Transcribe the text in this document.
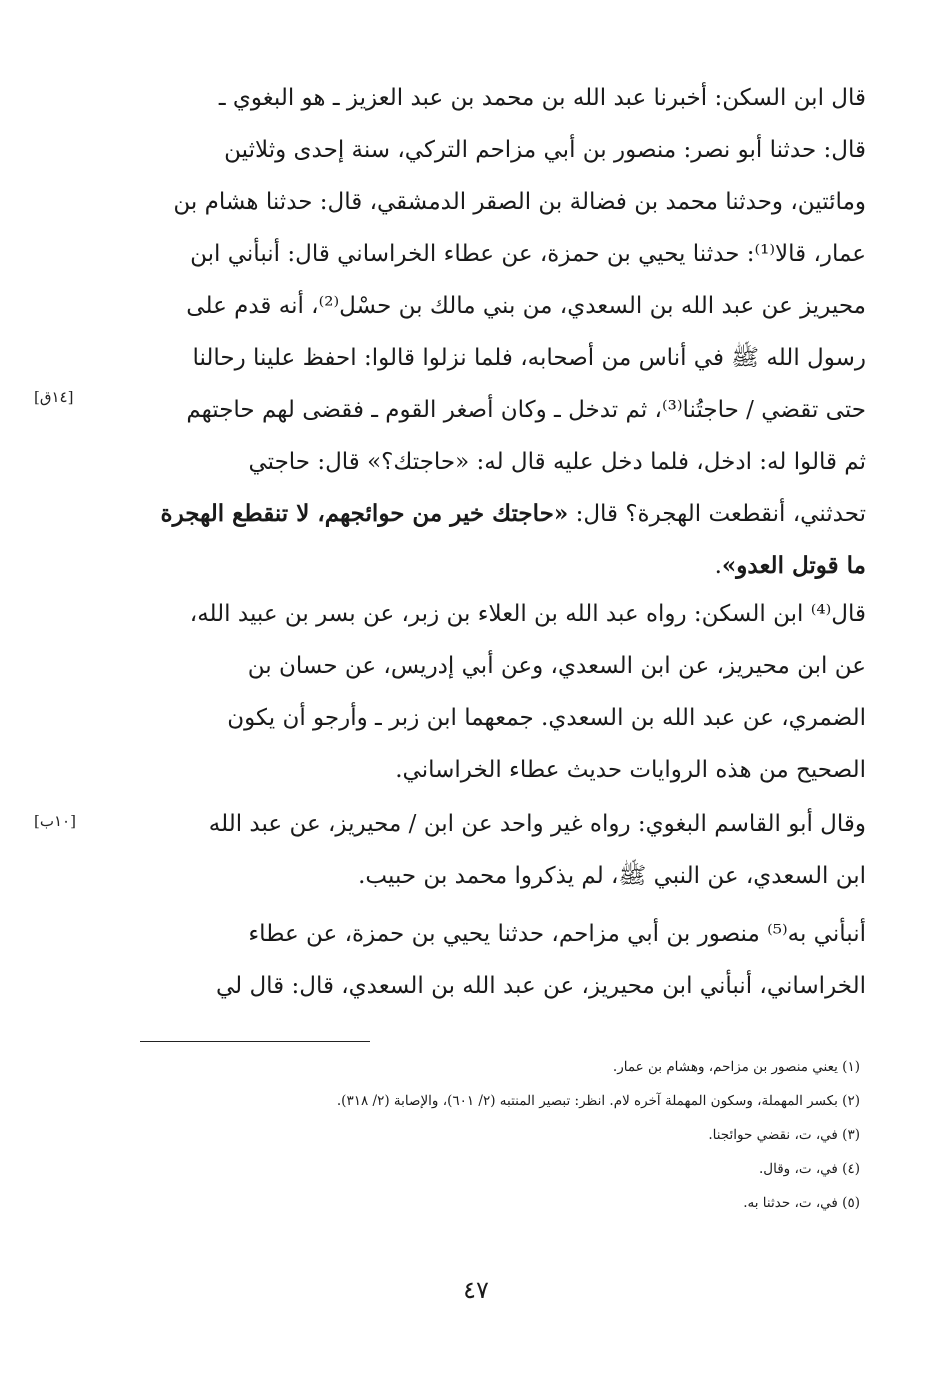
قال ابن السكن: أخبرنا عبد الله بن محمد بن عبد العزيز ـ هو البغوي ـ
قال: حدثنا أبو نصر: منصور بن أبي مزاحم التركي، سنة إحدى وثلاثين
ومائتين، وحدثنا محمد بن فضالة بن الصقر الدمشقي، قال: حدثنا هشام بن
عمار، قالا⁽¹⁾: حدثنا يحيي بن حمزة، عن عطاء الخراساني قال: أنبأني ابن
محيريز عن عبد الله بن السعدي، من بني مالك بن حسْل⁽²⁾، أنه قدم على
رسول الله ﷺ في أناس من أصحابه، فلما نزلوا قالوا: احفظ علينا رحالنا
حتى تقضي / حاجتُنا⁽³⁾، ثم تدخل ـ وكان أصغر القوم ـ فقضى لهم حاجتهم
ثم قالوا له: ادخل، فلما دخل عليه قال له: «حاجتك؟» قال: حاجتي
تحدثني، أنقطعت الهجرة؟ قال: «حاجتك خير من حوائجهم، لا تنقطع الهجرة
ما قوتل العدو».
قال⁽⁴⁾ ابن السكن: رواه عبد الله بن العلاء بن زبر، عن بسر بن عبيد الله،
عن ابن محيريز، عن ابن السعدي، وعن أبي إدريس، عن حسان بن
الضمري، عن عبد الله بن السعدي. جمعهما ابن زبر ـ وأرجو أن يكون
الصحيح من هذه الروايات حديث عطاء الخراساني.
وقال أبو القاسم البغوي: رواه غير واحد عن ابن / محيريز، عن عبد الله
ابن السعدي، عن النبي ﷺ، لم يذكروا محمد بن حبيب.
أنبأني به⁽⁵⁾ منصور بن أبي مزاحم، حدثنا يحيي بن حمزة، عن عطاء
الخراساني، أنبأني ابن محيريز، عن عبد الله بن السعدي، قال: قال لي
[١٤ق]
[١٠ب]
(١) يعني منصور بن مزاحم، وهشام بن عمار.
(٢) بكسر المهملة، وسكون المهملة آخره لام. انظر: تبصير المنتبه (٢/ ٦٠١)، والإصابة (٢/ ٣١٨).
(٣) في، ت، نقضي حوائجنا.
(٤) في، ت، وقال.
(٥) في، ت، حدثنا به.
٤٧
